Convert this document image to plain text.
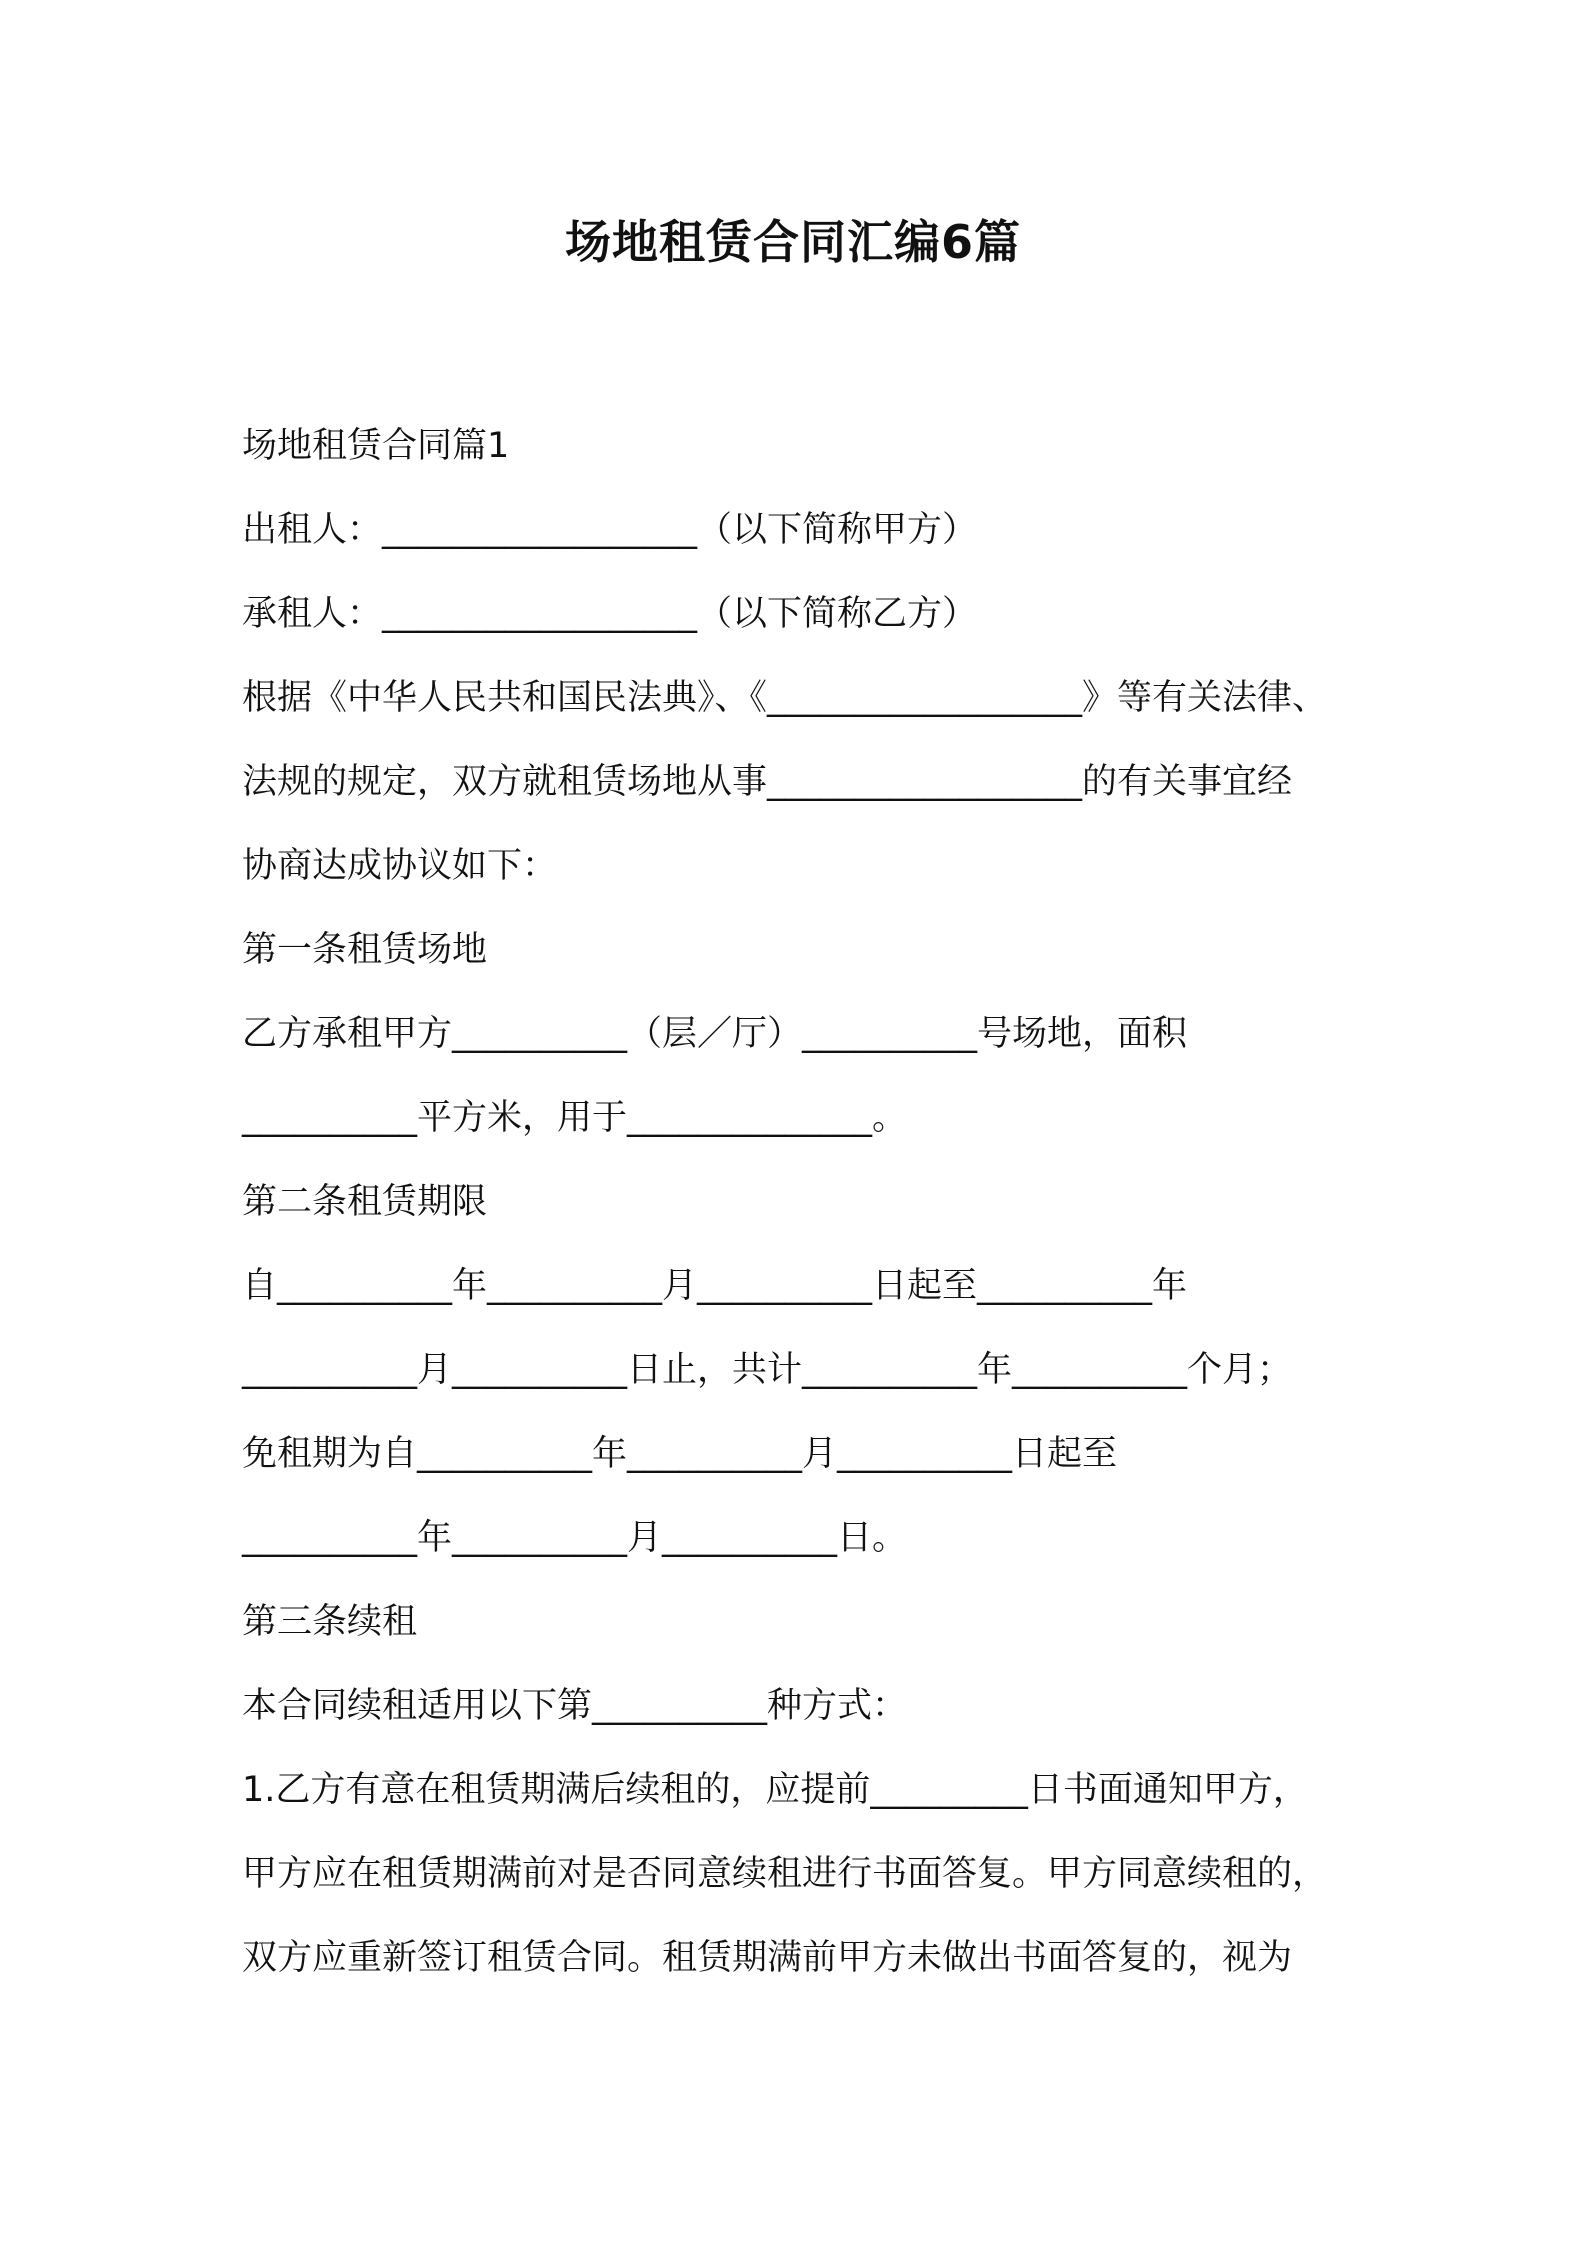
场地租赁合同汇编6篇
场地租赁合同篇1
出租人：__________________（以下简称甲方）
承租人：__________________（以下简称乙方）
根据《中华人民共和国民法典》、《__________________》等有关法律、
法规的规定，双方就租赁场地从事__________________的有关事宜经
协商达成协议如下：
第一条租赁场地
乙方承租甲方__________（层／厅）__________号场地，面积
__________平方米，用于______________。
第二条租赁期限
自__________年__________月__________日起至__________年
__________月__________日止，共计__________年__________个月；
免租期为自__________年__________月__________日起至
__________年__________月__________日。
第三条续租
本合同续租适用以下第__________种方式：
1.乙方有意在租赁期满后续租的，应提前_________日书面通知甲方，
甲方应在租赁期满前对是否同意续租进行书面答复。甲方同意续租的，
双方应重新签订租赁合同。租赁期满前甲方未做出书面答复的，视为
